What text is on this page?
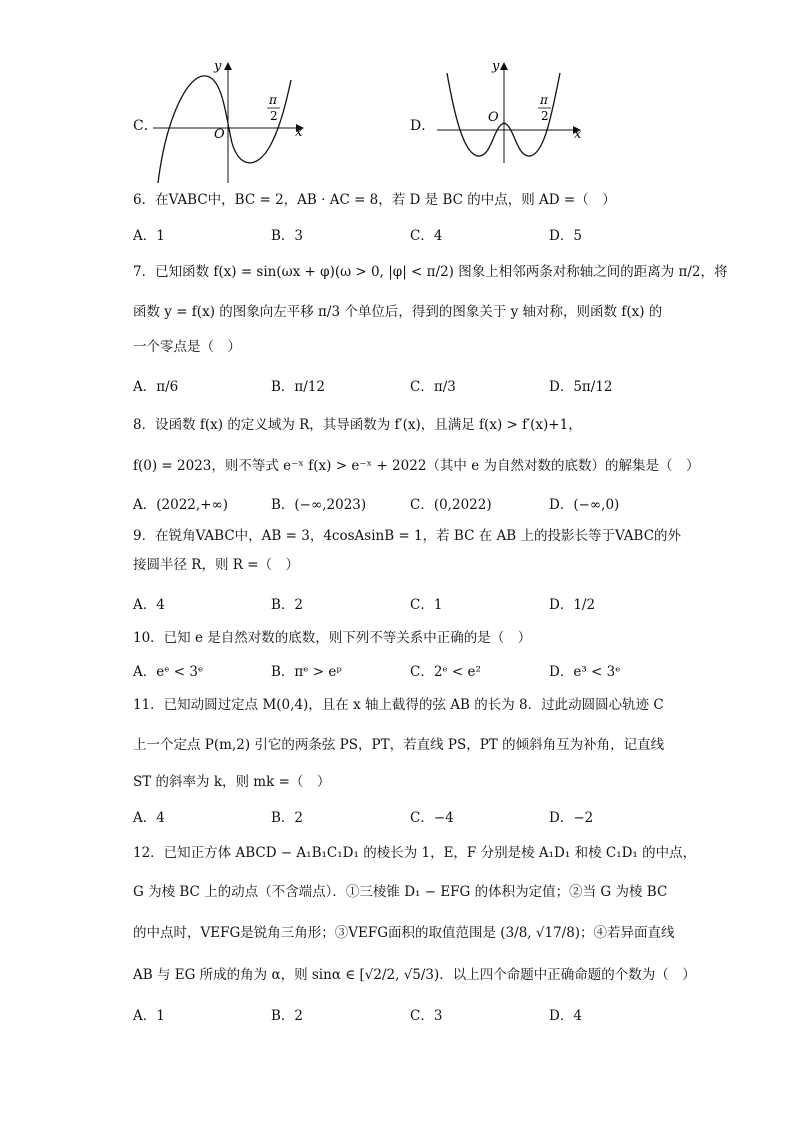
C．
y
x
O
π
2
D．
y
x
O
π
2
6．在VABC中，BC = 2，AB · AC = 8，若 D 是 BC 的中点，则 AD =（　）
A．1	B．3	C．4	D．5
7．已知函数 f(x) = sin(ωx + φ)(ω > 0, |φ| < π/2) 图象上相邻两条对称轴之间的距离为 π/2，将
函数 y = f(x) 的图象向左平移 π/3 个单位后，得到的图象关于 y 轴对称，则函数 f(x) 的
一个零点是（　）
A．π/6	B．π/12	C．π/3	D．5π/12
8．设函数 f(x) 的定义域为 R，其导函数为 f′(x)，且满足 f(x) > f′(x)+1，
f(0) = 2023，则不等式 e⁻ˣ f(x) > e⁻ˣ + 2022（其中 e 为自然对数的底数）的解集是（　）
A．(2022,+∞)	B．(−∞,2023)	C．(0,2022)	D．(−∞,0)
9．在锐角VABC中，AB = 3，4cosAsinB = 1，若 BC 在 AB 上的投影长等于VABC的外
接圆半径 R，则 R =（　）
A．4	B．2	C．1	D．1/2
10．已知 e 是自然对数的底数，则下列不等关系中正确的是（　）
A．eᵉ < 3ᵉ	B．πᵉ > eᵖ	C．2ᵉ < e²	D．e³ < 3ᵉ
11．已知动圆过定点 M(0,4)，且在 x 轴上截得的弦 AB 的长为 8．过此动圆圆心轨迹 C
上一个定点 P(m,2) 引它的两条弦 PS，PT，若直线 PS，PT 的倾斜角互为补角，记直线
ST 的斜率为 k，则 mk =（　）
A．4	B．2	C．−4	D．−2
12．已知正方体 ABCD − A₁B₁C₁D₁ 的棱长为 1，E，F 分别是棱 A₁D₁ 和棱 C₁D₁ 的中点，
G 为棱 BC 上的动点（不含端点）．①三棱锥 D₁ − EFG 的体积为定值；②当 G 为棱 BC
的中点时，VEFG是锐角三角形；③VEFG面积的取值范围是 (3/8, √17/8)；④若异面直线
AB 与 EG 所成的角为 α，则 sinα ∈ [√2/2, √5/3)．以上四个命题中正确命题的个数为（　）
A．1	B．2	C．3	D．4
